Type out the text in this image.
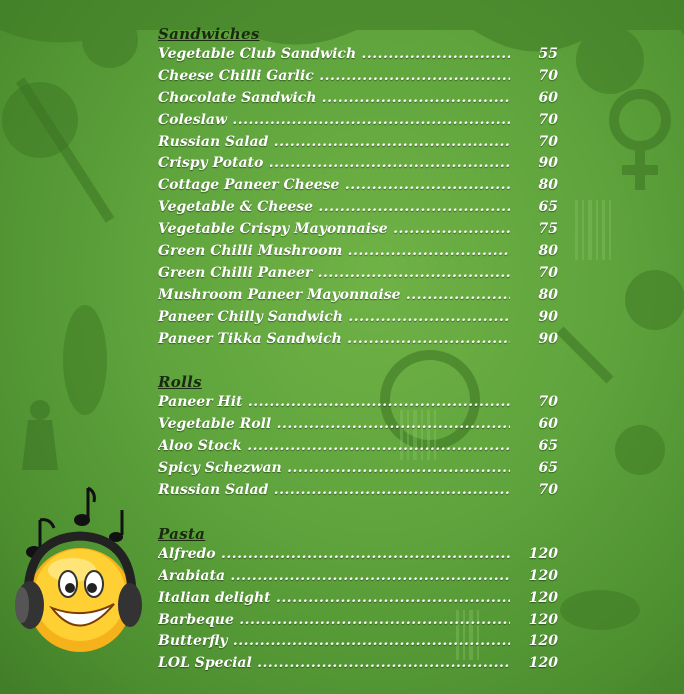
Sandwiches
Vegetable Club Sandwich .....	55
Cheese Chilli Garlic .....	70
Chocolate Sandwich .....	60
Coleslaw .....	70
Russian Salad .....	70
Crispy Potato .....	90
Cottage Paneer Cheese .....	80
Vegetable & Cheese .....	65
Vegetable Crispy Mayonnaise .....	75
Green Chilli Mushroom .....	80
Green Chilli Paneer .....	70
Mushroom Paneer Mayonnaise .....	80
Paneer Chilly Sandwich .....	90
Paneer Tikka Sandwich .....	90
Rolls
Paneer Hit .....	70
Vegetable Roll .....	60
Aloo Stock .....	65
Spicy Schezwan .....	65
Russian Salad .....	70
Pasta
Alfredo .....	120
Arabiata .....	120
Italian delight .....	120
Barbeque .....	120
Butterfly .....	120
LOL Special .....	120
